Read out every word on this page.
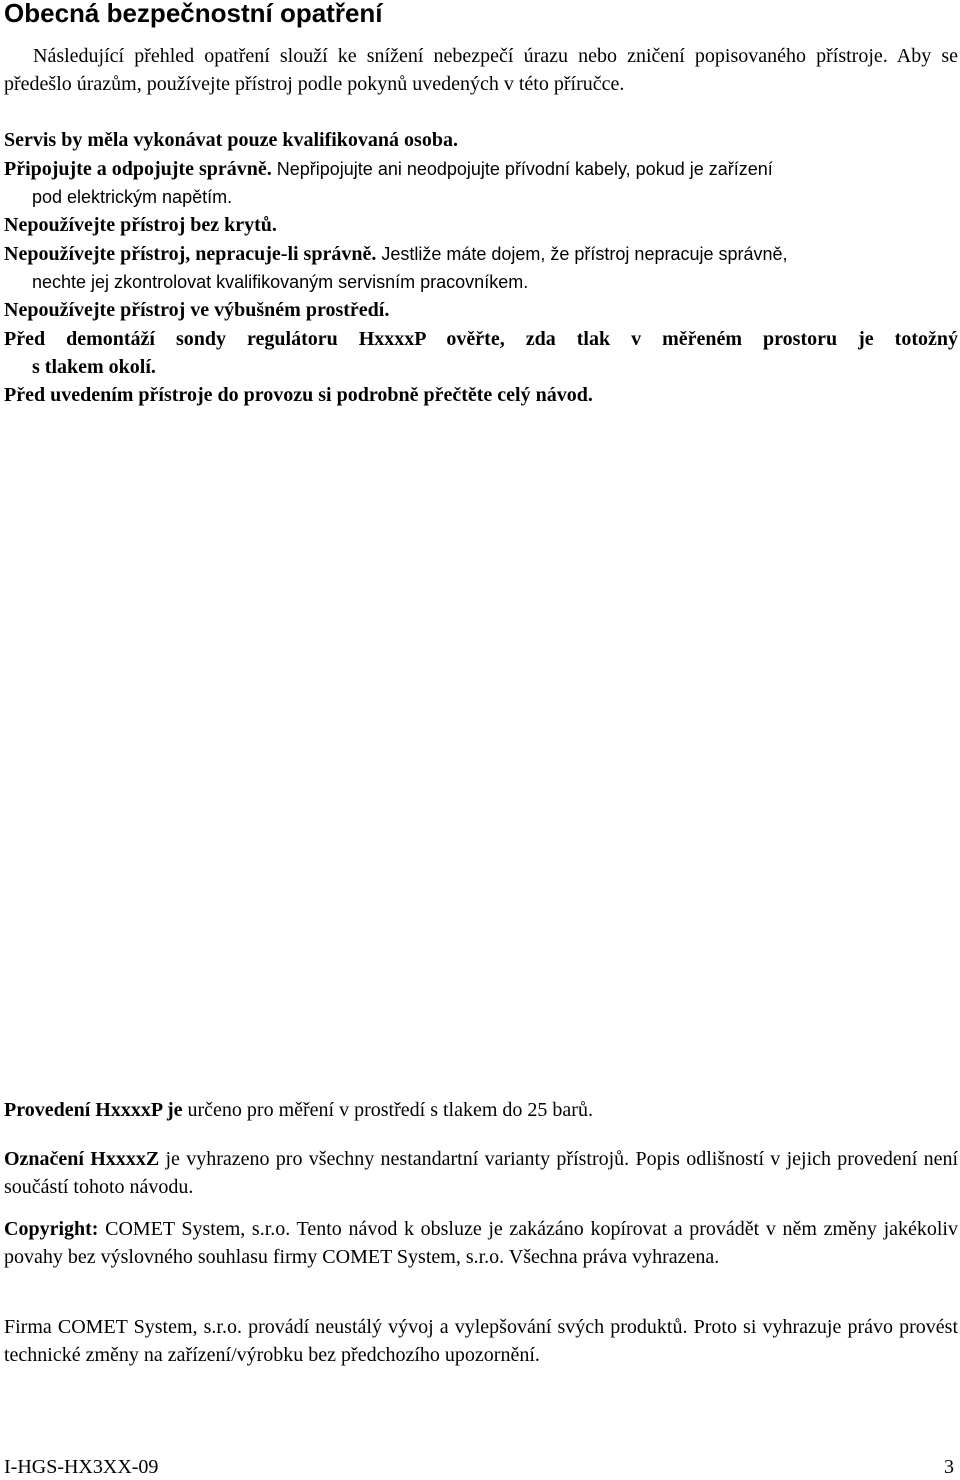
Obecná bezpečnostní opatření
Následující přehled opatření slouží ke snížení nebezpečí úrazu nebo zničení popisovaného přístroje. Aby se předešlo úrazům, používejte přístroj podle pokynů uvedených v této příručce.
Servis by měla vykonávat pouze kvalifikovaná osoba.
Připojujte a odpojujte správně. Nepřipojujte ani neodpojujte přívodní kabely, pokud je zařízení
pod elektrickým napětím.
Nepoužívejte přístroj bez krytů.
Nepoužívejte přístroj, nepracuje-li správně. Jestliže máte dojem, že přístroj nepracuje správně,
nechte jej zkontrolovat kvalifikovaným servisním pracovníkem.
Nepoužívejte přístroj ve výbušném prostředí.
Před demontáží sondy regulátoru HxxxxP ověřte, zda tlak v měřeném prostoru je totožný
s tlakem okolí.
Před uvedením přístroje do provozu si podrobně přečtěte celý návod.
Provedení HxxxxP je určeno pro měření v prostředí s tlakem do 25 barů.
Označení HxxxxZ je vyhrazeno pro všechny nestandartní varianty přístrojů. Popis odlišností v jejich provedení není součástí tohoto návodu.
Copyright: COMET System, s.r.o. Tento návod k obsluze je zakázáno kopírovat a provádět v něm změny jakékoliv povahy bez výslovného souhlasu firmy COMET System, s.r.o. Všechna práva vyhrazena.
Firma COMET System, s.r.o. provádí neustálý vývoj a vylepšování svých produktů. Proto si vyhrazuje právo provést technické změny na zařízení/výrobku bez předchozího upozornění.
I-HGS-HX3XX-09	3
